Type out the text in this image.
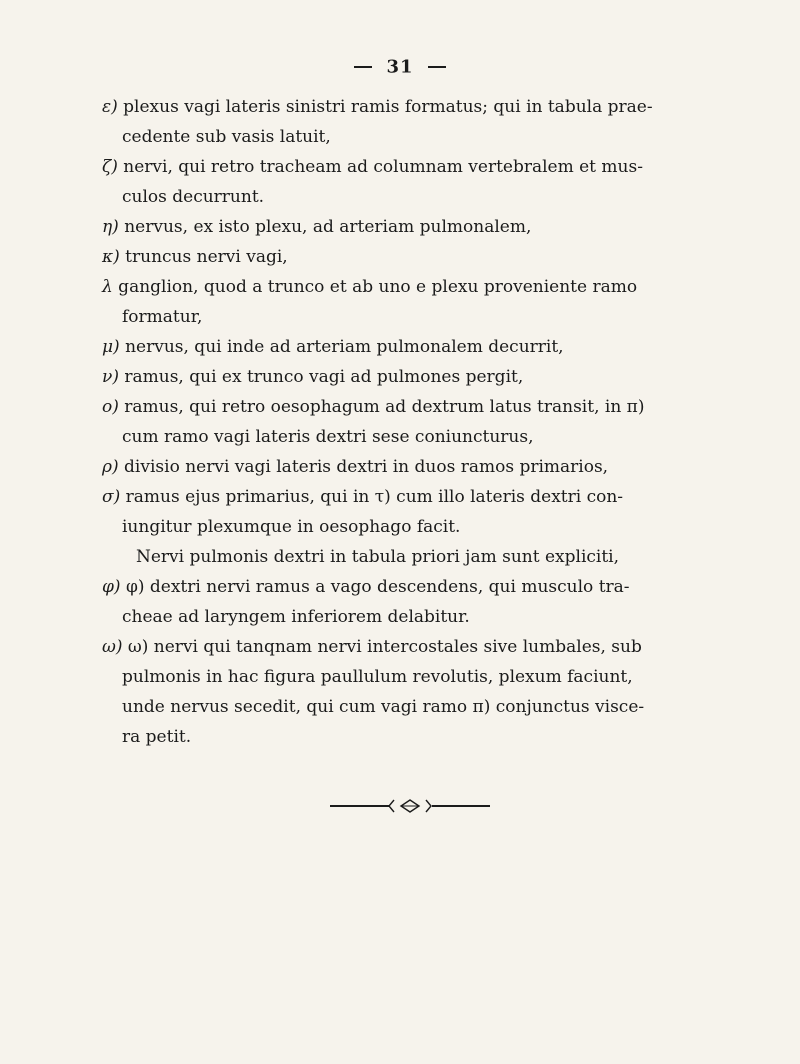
31
ε) plexus vagi lateris sinistri ramis formatus; qui in tabula prae-
cedente sub vasis latuit,
ζ) nervi, qui retro tracheam ad columnam vertebralem et mus-
culos decurrunt.
η) nervus, ex isto plexu, ad arteriam pulmonalem,
κ) truncus nervi vagi,
λ ganglion, quod a trunco et ab uno e plexu proveniente ramo
formatur,
μ) nervus, qui inde ad arteriam pulmonalem decurrit,
ν) ramus, qui ex trunco vagi ad pulmones pergit,
ο) ramus, qui retro oesophagum ad dextrum latus transit, in π)
cum ramo vagi lateris dextri sese coniuncturus,
ρ) divisio nervi vagi lateris dextri in duos ramos primarios,
σ) ramus ejus primarius, qui in τ) cum illo lateris dextri con-
iungitur plexumque in oesophago facit.
Nervi pulmonis dextri in tabula priori jam sunt expliciti,
φ) φ) dextri nervi ramus a vago descendens, qui musculo tra-
cheae ad laryngem inferiorem delabitur.
ω) ω) nervi qui tanqnam nervi intercostales sive lumbales, sub
pulmonis in hac figura paullulum revolutis, plexum faciunt,
unde nervus secedit, qui cum vagi ramo π) conjunctus visce-
ra petit.
